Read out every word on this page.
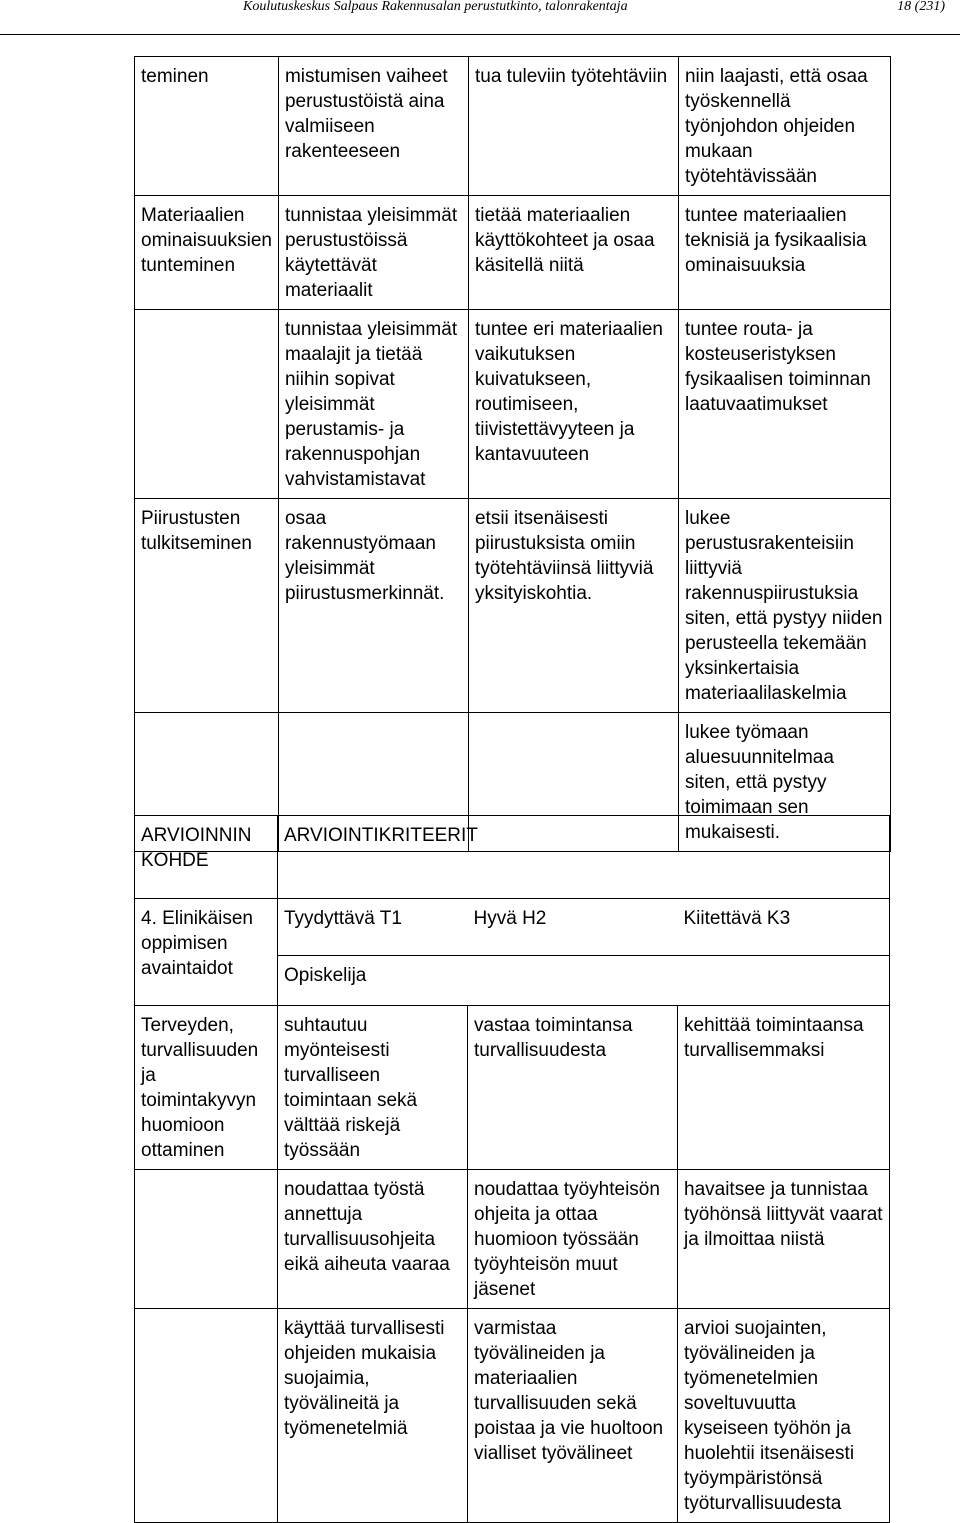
Koulutuskeskus Salpaus Rakennusalan perustutkinto, talonrakentaja	18 (231)
teminen	mistumisen vaiheet perustustöistä aina valmiiseen rakenteeseen	tua tuleviin työtehtäviin	niin laajasti, että osaa työskennellä työnjohdon ohjeiden mukaan työtehtävissään
Materiaalien ominaisuuksien tunteminen	tunnistaa yleisimmät perustustöissä käytettävät materiaalit	tietää materiaalien käyttökohteet ja osaa käsitellä niitä	tuntee materiaalien teknisiä ja fysikaalisia ominaisuuksia
	tunnistaa yleisimmät maalajit ja tietää niihin sopivat yleisimmät perustamis- ja rakennuspohjan vahvistamistavat	tuntee eri materiaalien vaikutuksen kuivatukseen, routimiseen, tiivistettävyyteen ja kantavuuteen	tuntee routa- ja kosteuseristyksen fysikaalisen toiminnan laatuvaatimukset
Piirustusten tulkitseminen	osaa rakennustyömaan yleisimmät piirustusmerkinnät.	etsii itsenäisesti piirustuksista omiin työtehtäviinsä liittyviä yksityiskohtia.	lukee perustusrakenteisiin liittyviä rakennuspiirustuksia siten, että pystyy niiden perusteella tekemään yksinkertaisia materiaalilaskelmia
			lukee työmaan aluesuunnitelmaa siten, että pystyy toimimaan sen mukaisesti.
ARVIOINNIN KOHDE	ARVIOINTIKRITEERIT		
4. Elinikäisen oppimisen avaintaidot	Tyydyttävä T1	Hyvä H2	Kiitettävä K3
	Opiskelija		
Terveyden, turvallisuuden ja toimintakyvyn huomioon ottaminen	suhtautuu myönteisesti turvalliseen toimintaan sekä välttää riskejä työssään	vastaa toimintansa turvallisuudesta	kehittää toimintaansa turvallisemmaksi
	noudattaa työstä annettuja turvallisuusohjeita eikä aiheuta vaaraa	noudattaa työyhteisön ohjeita ja ottaa huomioon työssään työyhteisön muut jäsenet	havaitsee ja tunnistaa työhönsä liittyvät vaarat ja ilmoittaa niistä
	käyttää turvallisesti ohjeiden mukaisia suojaimia, työvälineitä ja työmenetelmiä	varmistaa työvälineiden ja materiaalien turvallisuuden sekä poistaa ja vie huoltoon vialliset työvälineet	arvioi suojainten, työvälineiden ja työmenetelmien soveltuvuutta kyseiseen työhön ja huolehtii itsenäisesti työympäristönsä työturvallisuudesta
